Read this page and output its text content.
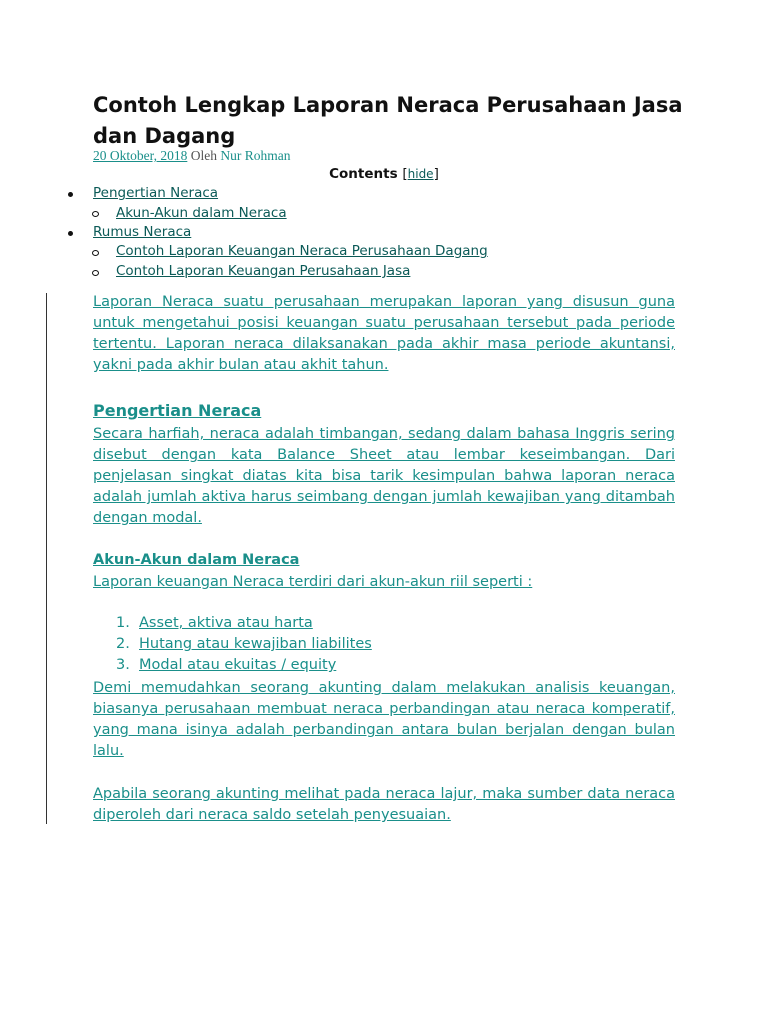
Contoh Lengkap Laporan Neraca Perusahaan Jasa dan Dagang
20 Oktober, 2018 Oleh Nur Rohman
Contents [hide]
Pengertian Neraca
Akun-Akun dalam Neraca
Rumus Neraca
Contoh Laporan Keuangan Neraca Perusahaan Dagang
Contoh Laporan Keuangan Perusahaan Jasa

Laporan Neraca suatu perusahaan merupakan laporan yang disusun guna untuk mengetahui posisi keuangan suatu perusahaan tersebut pada periode tertentu. Laporan neraca dilaksanakan pada akhir masa periode akuntansi, yakni pada akhir bulan atau akhit tahun.

Pengertian Neraca

Secara harfiah, neraca adalah timbangan, sedang dalam bahasa Inggris sering disebut dengan kata Balance Sheet atau lembar keseimbangan. Dari penjelasan singkat diatas kita bisa tarik kesimpulan bahwa laporan neraca adalah jumlah aktiva harus seimbang dengan jumlah kewajiban yang ditambah dengan modal.

Akun-Akun dalam Neraca

Laporan keuangan Neraca terdiri dari akun-akun riil seperti :

1. Asset, aktiva atau harta
2. Hutang atau kewajiban liabilites
3. Modal atau ekuitas / equity

Demi memudahkan seorang akunting dalam melakukan analisis keuangan, biasanya perusahaan membuat neraca perbandingan atau neraca komperatif, yang mana isinya adalah perbandingan antara bulan berjalan dengan bulan lalu.

Apabila seorang akunting melihat pada neraca lajur, maka sumber data neraca diperoleh dari neraca saldo setelah penyesuaian.
